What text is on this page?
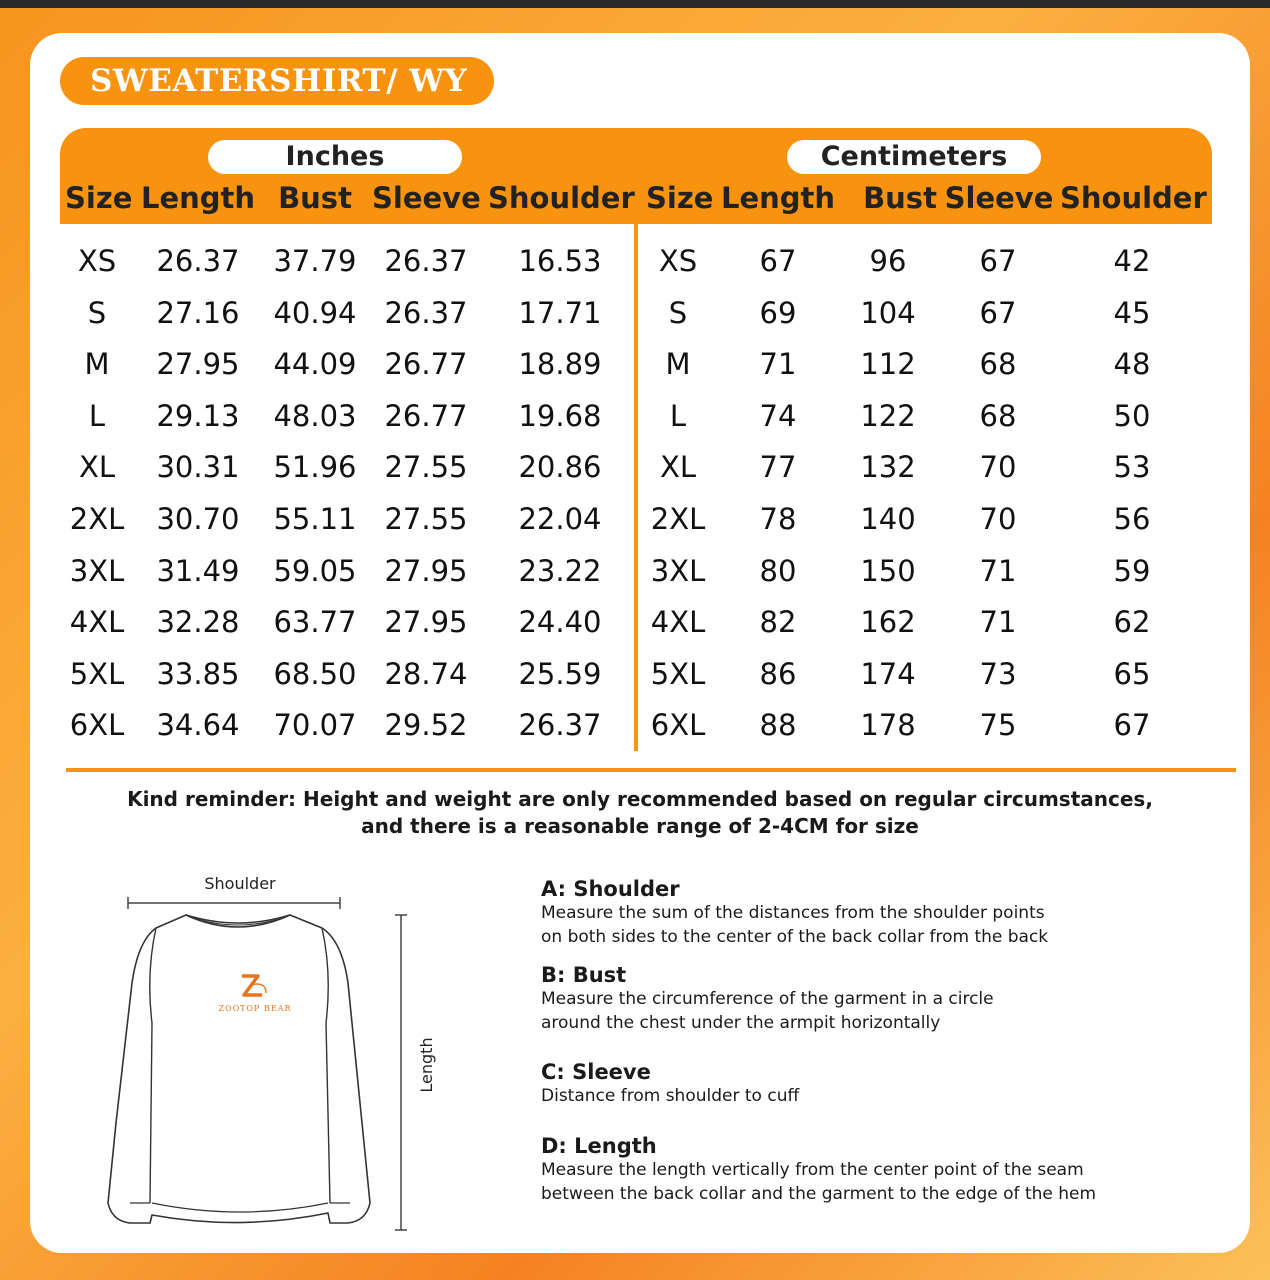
SWEATERSHIRT/ WY
Inches	Centimeters
Size Length Bust Sleeve Shoulder Size Length Bust Sleeve Shoulder
XS	26.37	37.79 26.37	16.53	XS	67	96	67	42
S	27.16	40.94 26.37	17.71	S	69	104	67	45
M	27.95	44.09 26.77	18.89	M	71	112	68	48
L	29.13	48.03 26.77	19.68	L	74	122	68	50
XL	30.31	51.96 27.55	20.86	XL	77	132	70	53
2XL	30.70	55.11 27.55	22.04	2XL	78	140	70	56
3XL	31.49	59.05 27.95	23.22	3XL	80	150	71	59
4XL	32.28	63.77 27.95	24.40	4XL	82	162	71	62
5XL	33.85	68.50 28.74	25.59	5XL	86	174	73	65
6XL	34.64	70.07 29.52	26.37	6XL	88	178	75	67
Kind reminder: Height and weight are only recommended based on regular circumstances,
and there is a reasonable range of 2-4CM for size
Shoulder
Length
ZOOTOP BEAR
A: Shoulder
Measure the sum of the distances from the shoulder points
on both sides to the center of the back collar from the back
B: Bust
Measure the circumference of the garment in a circle
around the chest under the armpit horizontally
C: Sleeve
Distance from shoulder to cuff
D: Length
Measure the length vertically from the center point of the seam
between the back collar and the garment to the edge of the hem
